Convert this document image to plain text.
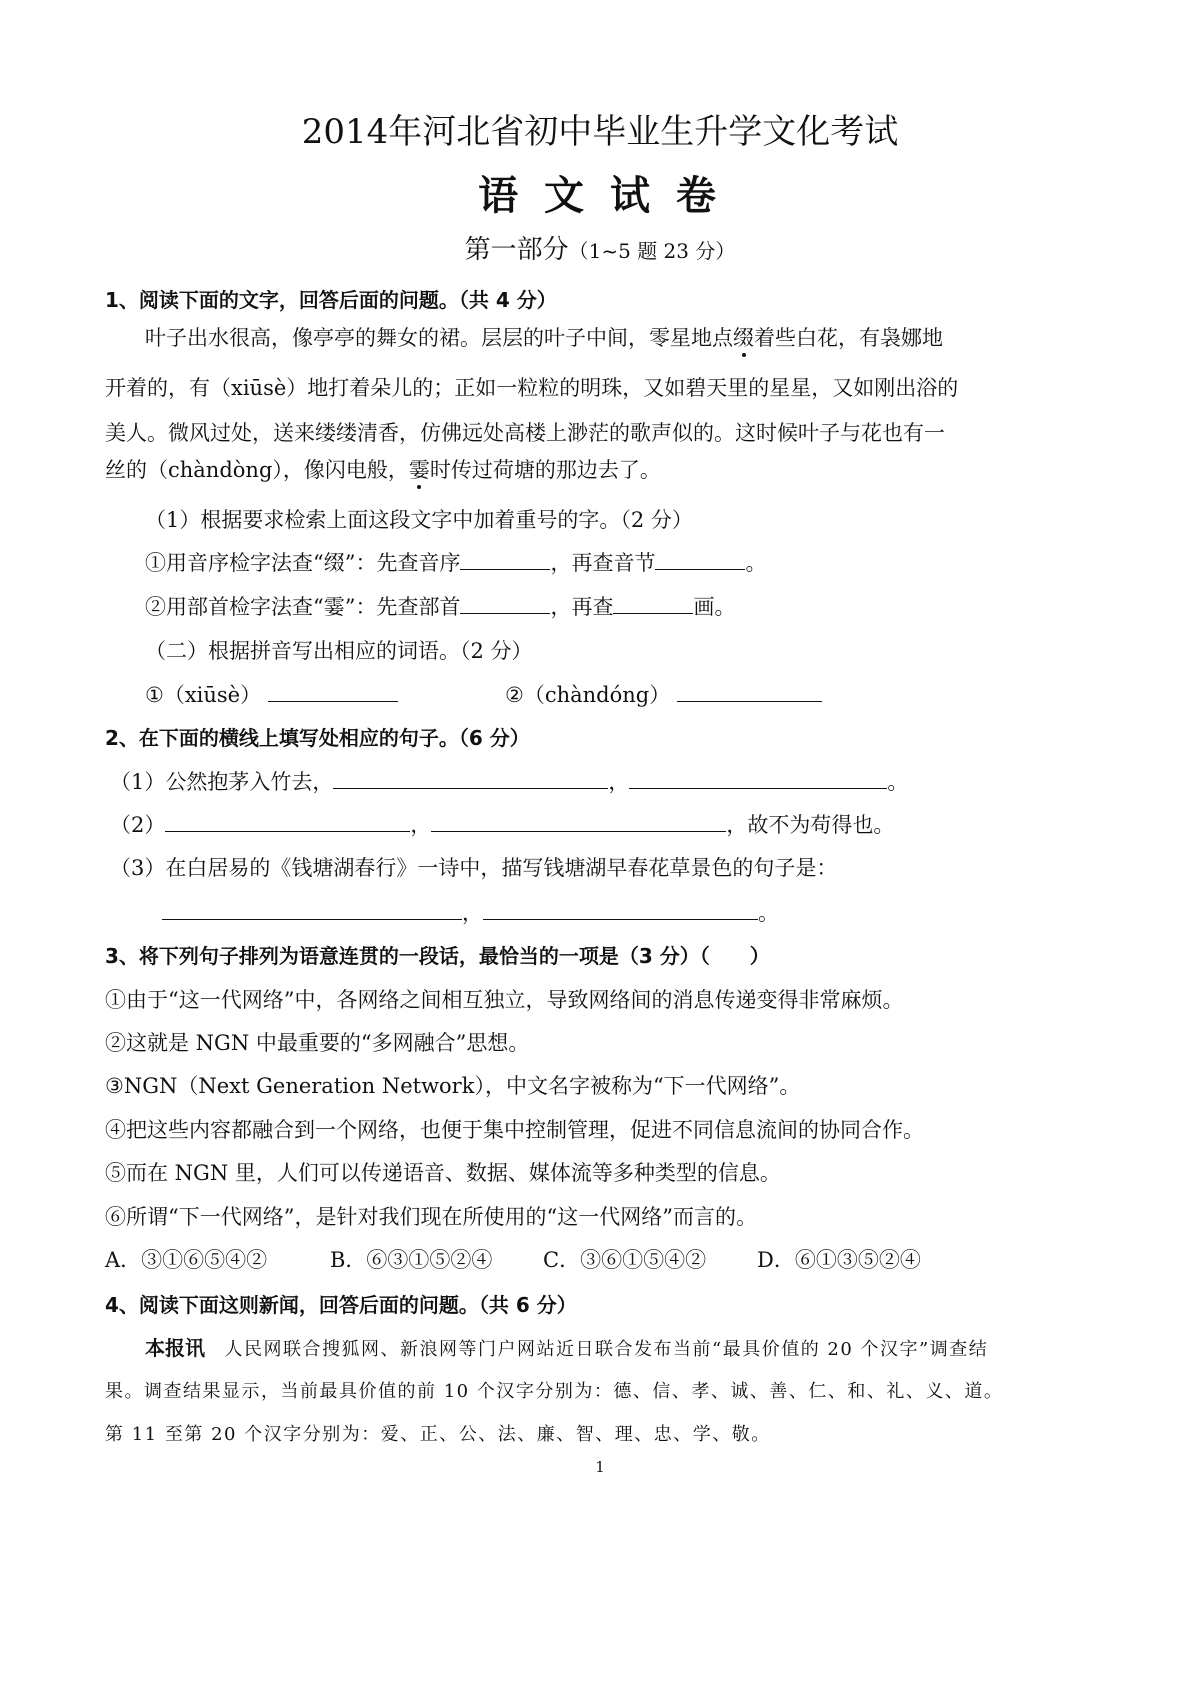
2014年河北省初中毕业生升学文化考试
语 文 试 卷
第一部分（1~5 题 23 分）
1、阅读下面的文字，回答后面的问题。（共 4 分）
叶子出水很高，像亭亭的舞女的裙。层层的叶子中间，零星地点缀着些白花，有袅娜地
开着的，有（xiūsè）地打着朵儿的；正如一粒粒的明珠，又如碧天里的星星，又如刚出浴的
美人。微风过处，送来缕缕清香，仿佛远处高楼上渺茫的歌声似的。这时候叶子与花也有一
丝的（chàndòng），像闪电般，霎时传过荷塘的那边去了。
（1）根据要求检索上面这段文字中加着重号的字。（2 分）
①用音序检字法查“缀”：先查音序	，再查音节	。
②用部首检字法查“霎”：先查部首	，再查	画。
（二）根据拼音写出相应的词语。（2 分）
①（xiūsè）	②（chàndóng）
2、在下面的横线上填写处相应的句子。（6 分）
（1）公然抱茅入竹去，	，	。
（2）	，	，故不为苟得也。
（3）在白居易的《钱塘湖春行》一诗中，描写钱塘湖早春花草景色的句子是：
，	。
3、将下列句子排列为语意连贯的一段话，最恰当的一项是（3 分）（　　）
①由于“这一代网络”中，各网络之间相互独立，导致网络间的消息传递变得非常麻烦。
②这就是 NGN 中最重要的“多网融合”思想。
③NGN（Next Generation Network），中文名字被称为“下一代网络”。
④把这些内容都融合到一个网络，也便于集中控制管理，促进不同信息流间的协同合作。
⑤而在 NGN 里，人们可以传递语音、数据、媒体流等多种类型的信息。
⑥所谓“下一代网络”，是针对我们现在所使用的“这一代网络”而言的。
A．③①⑥⑤④②	B．⑥③①⑤②④ C．③⑥①⑤④② D．⑥①③⑤②④
4、阅读下面这则新闻，回答后面的问题。（共 6 分）
本报讯　 人民网联合搜狐网、新浪网等门户网站近日联合发布当前“最具价值的 20 个汉字”调查结
果。调查结果显示，当前最具价值的前 10 个汉字分别为：德、信、孝、诚、善、仁、和、礼、义、道。
第 11 至第 20 个汉字分别为：爱、正、公、法、廉、智、理、忠、学、敬。
1
